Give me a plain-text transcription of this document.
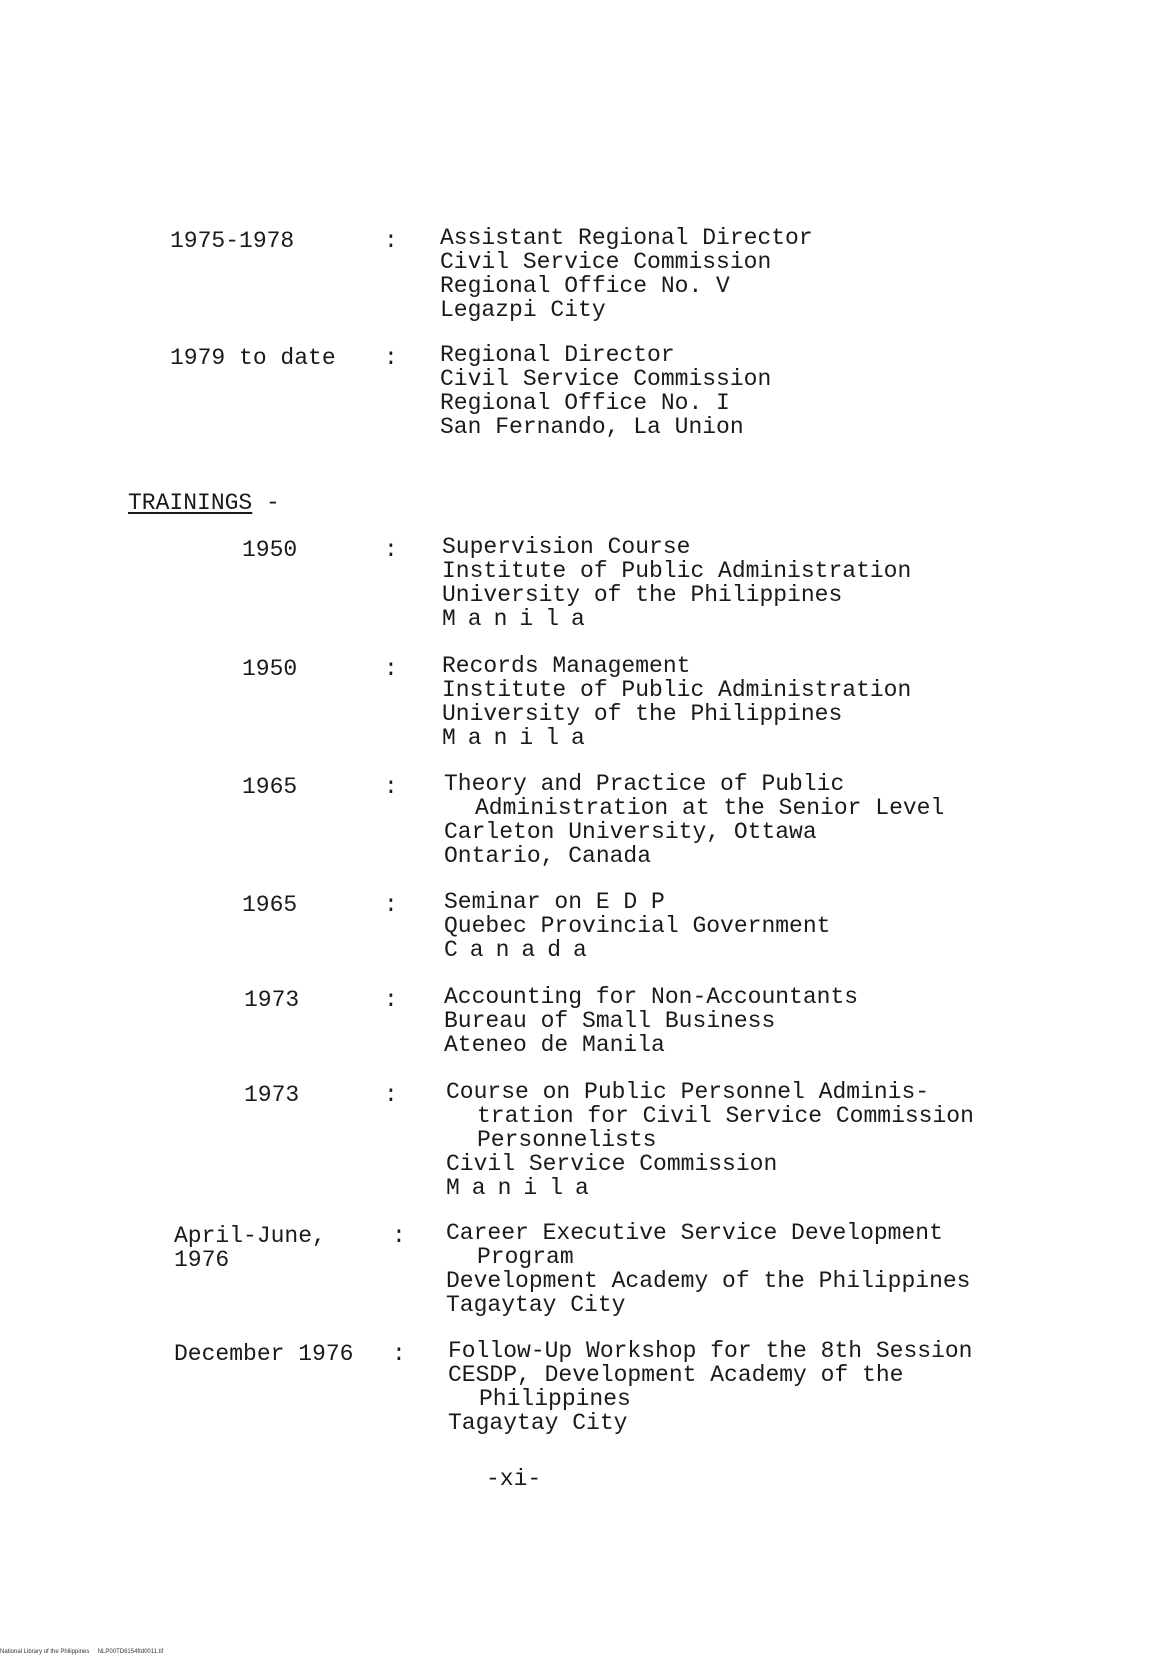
1975-1978	: Assistant Regional Director
Civil Service Commission
Regional Office No. V
Legazpi City
1979 to date : Regional Director
Civil Service Commission
Regional Office No. I
San Fernando, La Union
TRAININGS -
1950	: Supervision Course
Institute of Public Administration
University of the Philippines
Manila
1950	: Records Management
Institute of Public Administration
University of the Philippines
Manila
1965	: Theory and Practice of Public
Administration at the Senior Level
Carleton University, Ottawa
Ontario, Canada
1965	: Seminar on E D P
Quebec Provincial Government
Canada
1973	: Accounting for Non-Accountants
Bureau of Small Business
Ateneo de Manila
1973	: Course on Public Personnel Adminis-
tration for Civil Service Commission
Personnelists
Civil Service Commission
Manila
April-June,
1976
: Career Executive Service Development
Program
Development Academy of the Philippines
Tagaytay City
December 1976 : Follow-Up Workshop for the 8th Session
CESDP, Development Academy of the
Philippines
Tagaytay City
-xi-
National Library of the Philippines     NLP00TD6154ftd0011.tif
